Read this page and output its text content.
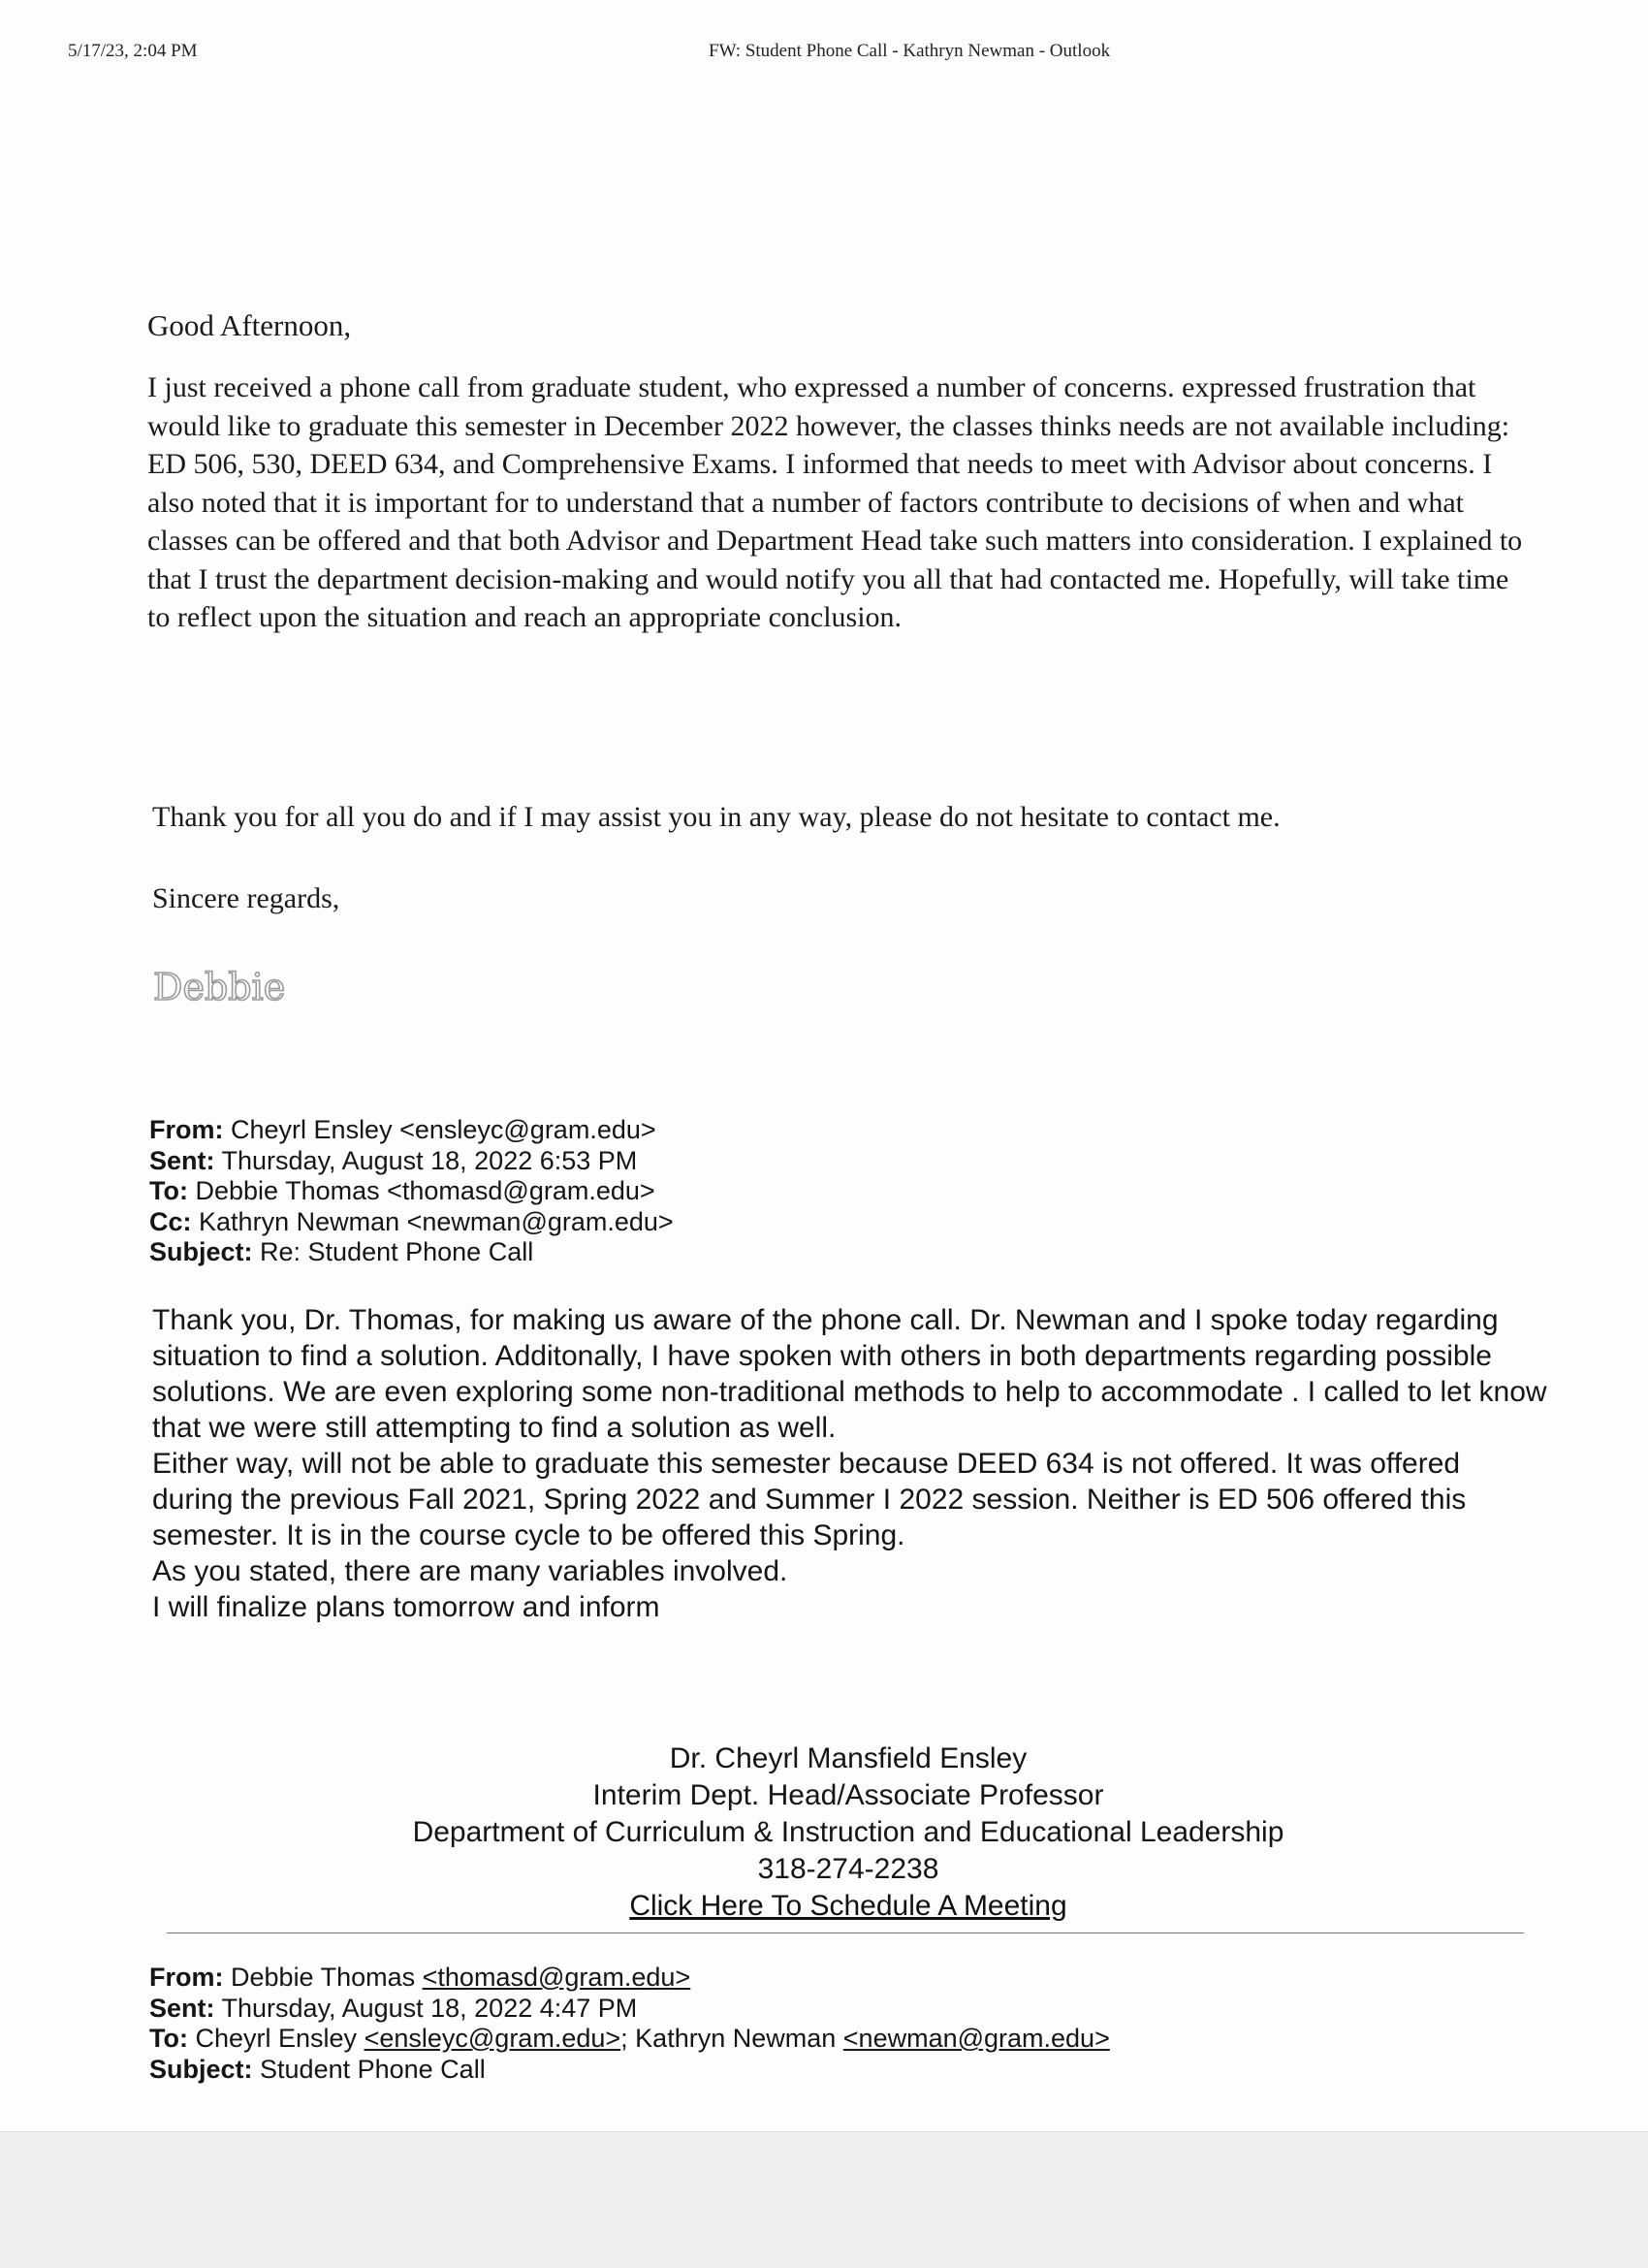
5/17/23, 2:04 PM	FW: Student Phone Call - Kathryn Newman - Outlook
Good Afternoon,

I just received a phone call from graduate student, who expressed a number of concerns. expressed frustration that would like to graduate this semester in December 2022 however, the classes thinks needs are not available including: ED 506, 530, DEED 634, and Comprehensive Exams. I informed that needs to meet with Advisor about concerns. I also noted that it is important for to understand that a number of factors contribute to decisions of when and what classes can be offered and that both Advisor and Department Head take such matters into consideration. I explained to that I trust the department decision-making and would notify you all that had contacted me. Hopefully, will take time to reflect upon the situation and reach an appropriate conclusion.

Thank you for all you do and if I may assist you in any way, please do not hesitate to contact me.
Sincere regards,
Debbie
From: Cheyrl Ensley <ensleyc@gram.edu>
Sent: Thursday, August 18, 2022 6:53 PM
To: Debbie Thomas <thomasd@gram.edu>
Cc: Kathryn Newman <newman@gram.edu>
Subject: Re: Student Phone Call
Thank you, Dr. Thomas, for making us aware of the phone call. Dr. Newman and I spoke today regarding situation to find a solution. Additonally, I have spoken with others in both departments regarding possible solutions. We are even exploring some non-traditional methods to help to accommodate . I called to let know that we were still attempting to find a solution as well.
Either way, will not be able to graduate this semester because DEED 634 is not offered. It was offered during the previous Fall 2021, Spring 2022 and Summer I 2022 session. Neither is ED 506 offered this semester. It is in the course cycle to be offered this Spring.
As you stated, there are many variables involved.
I will finalize plans tomorrow and inform
Dr. Cheyrl Mansfield Ensley
Interim Dept. Head/Associate Professor
Department of Curriculum & Instruction and Educational Leadership
318-274-2238
Click Here To Schedule A Meeting
From: Debbie Thomas <thomasd@gram.edu>
Sent: Thursday, August 18, 2022 4:47 PM
To: Cheyrl Ensley <ensleyc@gram.edu>; Kathryn Newman <newman@gram.edu>
Subject: Student Phone Call
